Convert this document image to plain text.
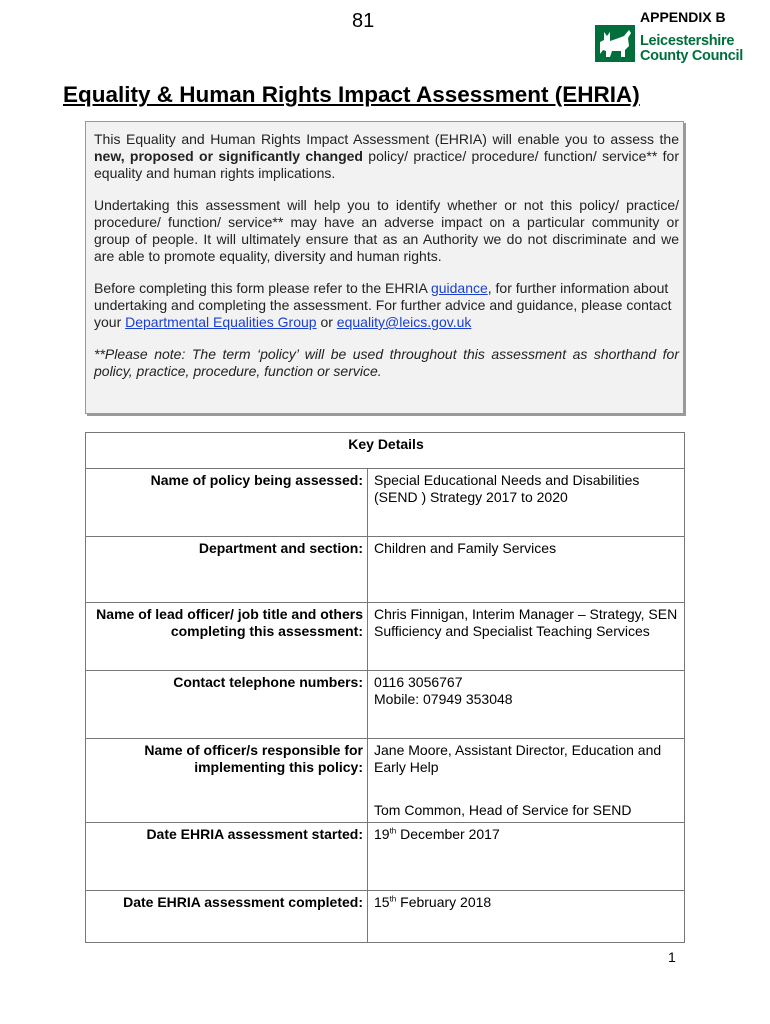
81	APPENDIX B
Leicestershire
County Council
Equality & Human Rights Impact Assessment (EHRIA)

This Equality and Human Rights Impact Assessment (EHRIA) will enable you to assess the new, proposed or significantly changed policy/ practice/ procedure/ function/ service** for equality and human rights implications.

Undertaking this assessment will help you to identify whether or not this policy/ practice/ procedure/ function/ service** may have an adverse impact on a particular community or group of people. It will ultimately ensure that as an Authority we do not discriminate and we are able to promote equality, diversity and human rights.

Before completing this form please refer to the EHRIA guidance, for further information about undertaking and completing the assessment. For further advice and guidance, please contact your Departmental Equalities Group or equality@leics.gov.uk

**Please note: The term ‘policy’ will be used throughout this assessment as shorthand for policy, practice, procedure, function or service.

Key Details	
Name of policy being assessed:	Special Educational Needs and Disabilities (SEND ) Strategy 2017 to 2020
Department and section:	Children and Family Services
Name of lead officer/ job title and others completing this assessment:	Chris Finnigan, Interim Manager – Strategy, SEN Sufficiency and Specialist Teaching Services
Contact telephone numbers:	0116 3056767
Mobile: 07949 353048

Name of officer/s responsible for implementing this policy:	Jane Moore, Assistant Director, Education and Early Help
Tom Common, Head of Service for SEND

Date EHRIA assessment started:	19th December 2017
Date EHRIA assessment completed:	15th February 2018
1
